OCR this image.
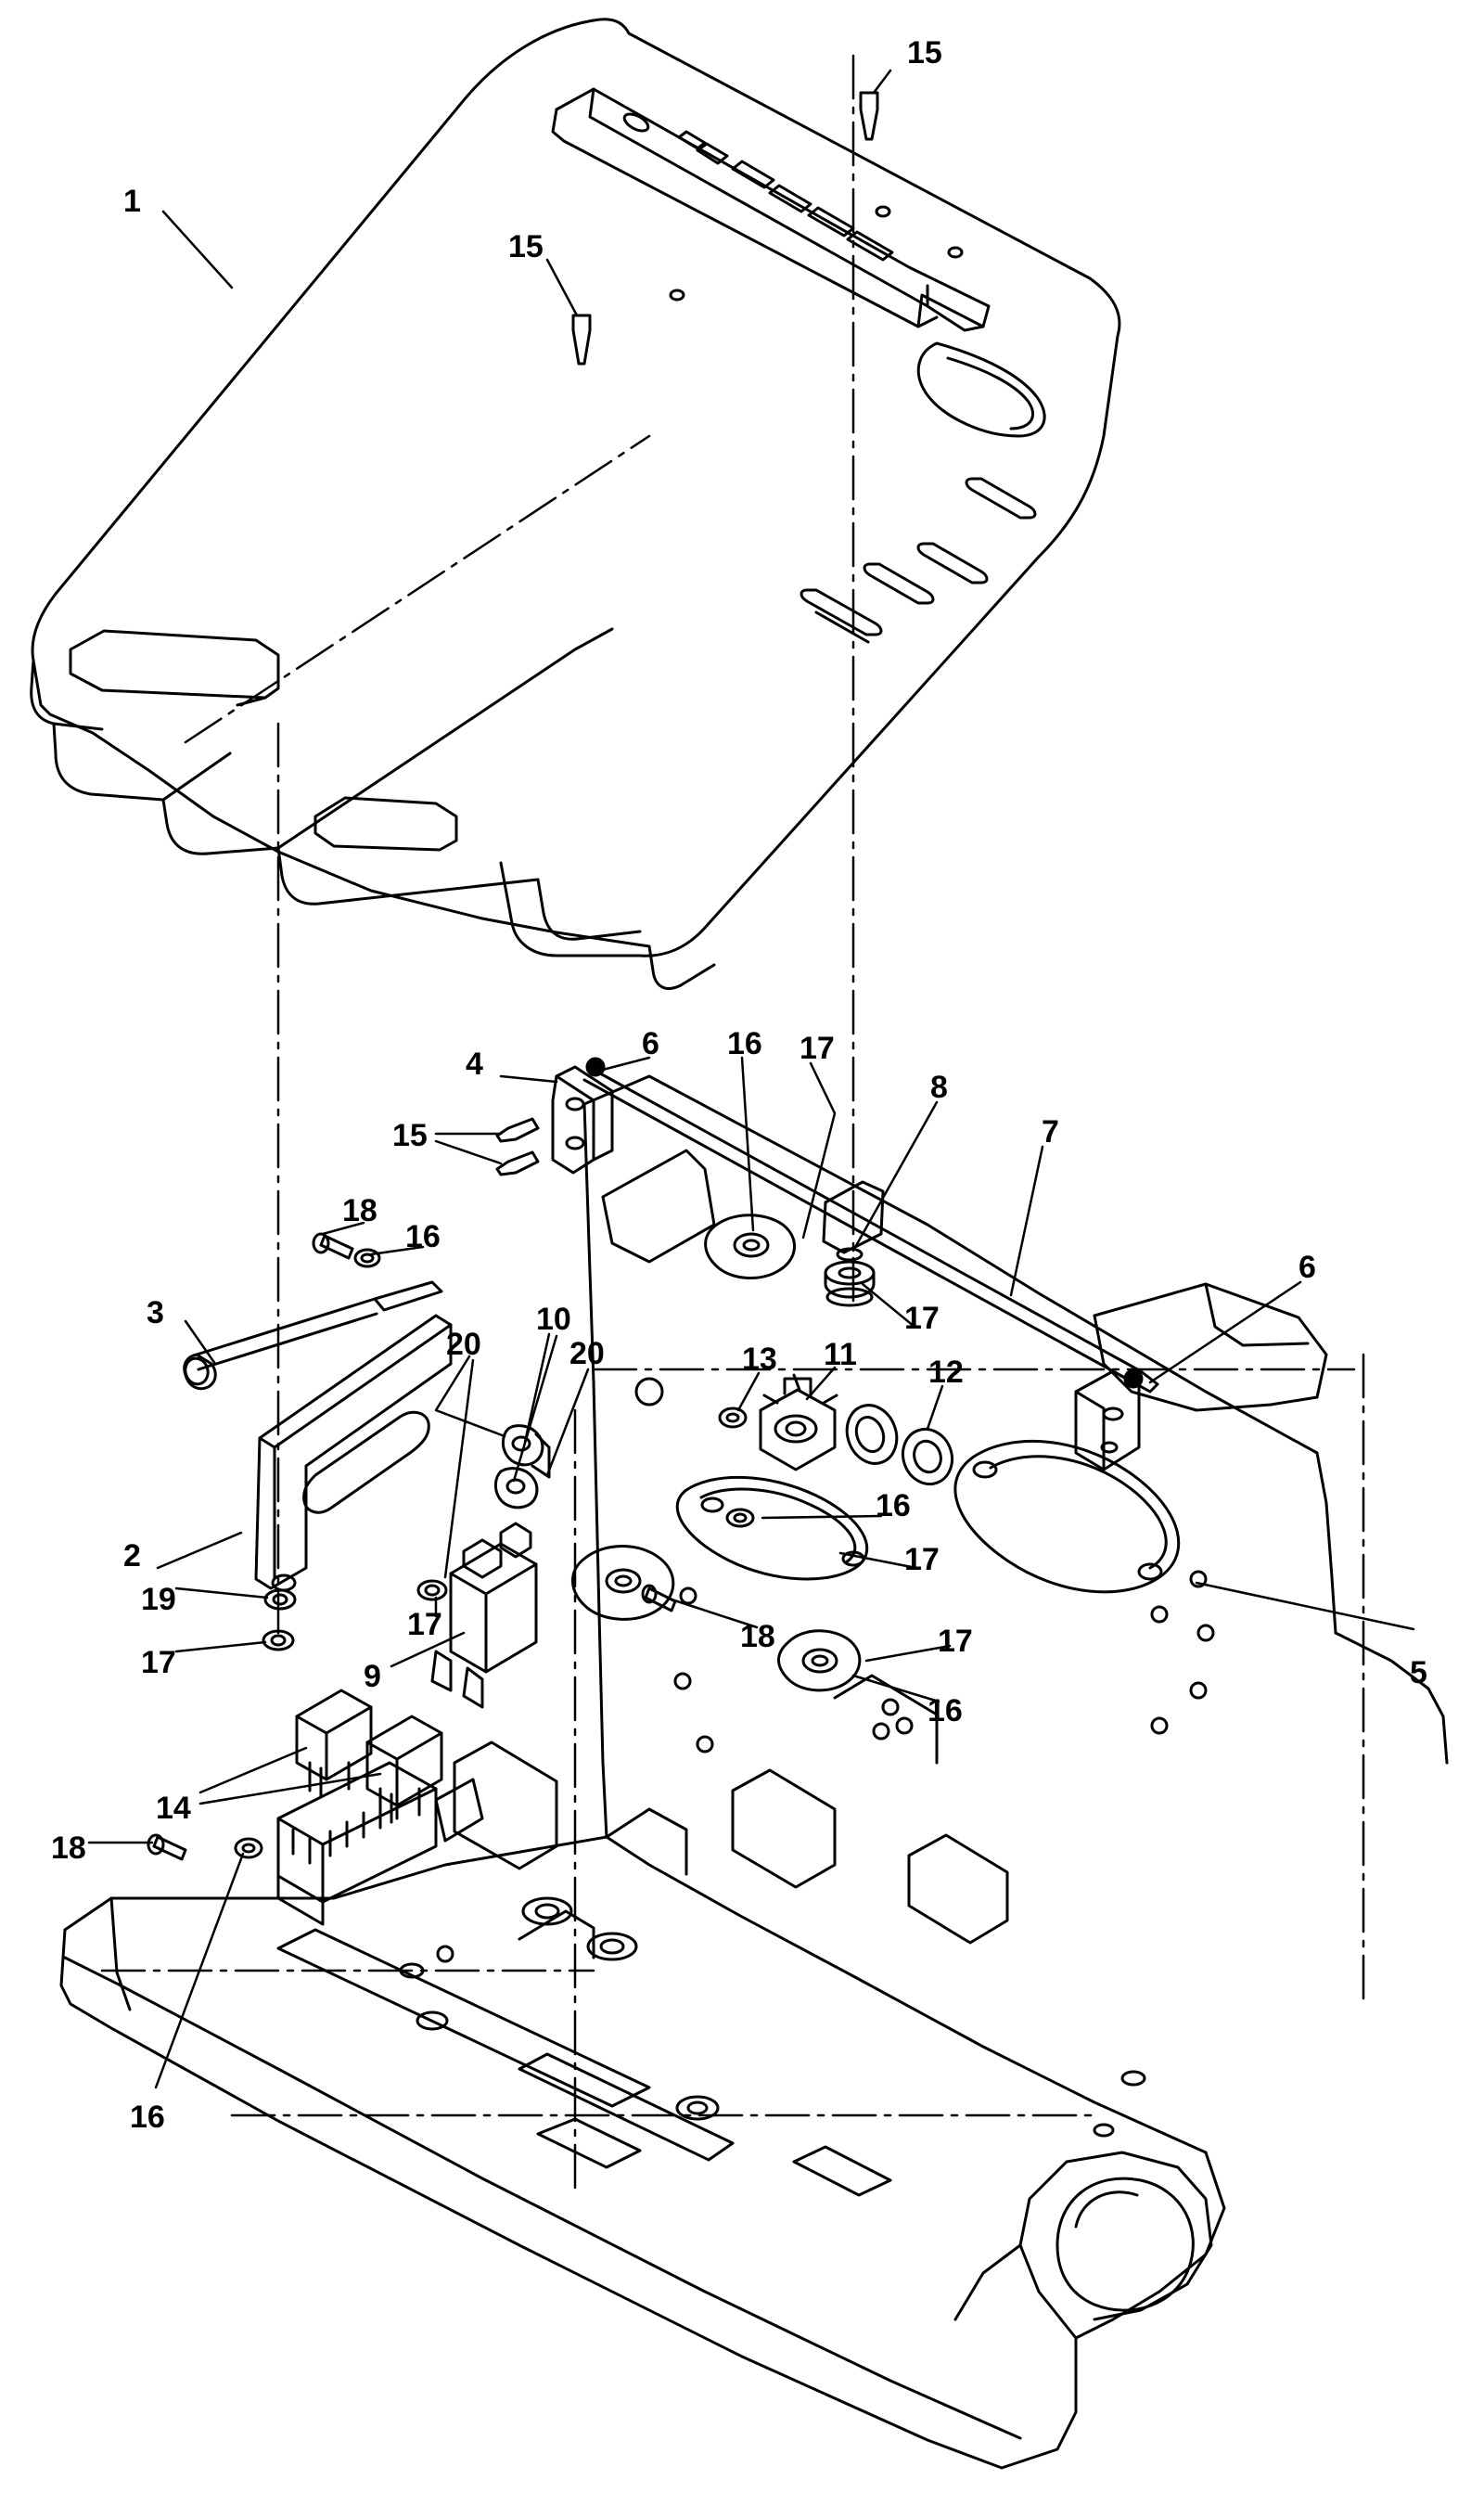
1
15
15
4
6 16 17
8
7
15
18
16
6
3	10
20	13 11 12
17
20
2
16
17
19
17
17
18
5
17
16
9
14
18
16
